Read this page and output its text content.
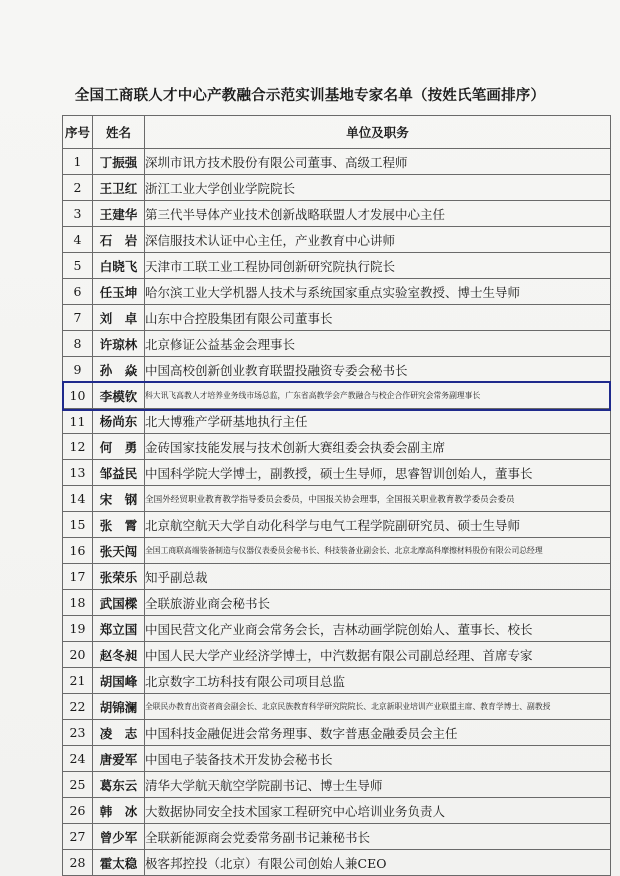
全国工商联人才中心产教融合示范实训基地专家名单（按姓氏笔画排序）
序号	姓名	单位及职务
1	丁振强	深圳市讯方技术股份有限公司董事、高级工程师
2	王卫红	浙江工业大学创业学院院长
3	王建华	第三代半导体产业技术创新战略联盟人才发展中心主任
4	石　岩	深信服技术认证中心主任，产业教育中心讲师
5	白晓飞	天津市工联工业工程协同创新研究院执行院长
6	任玉坤	哈尔滨工业大学机器人技术与系统国家重点实验室教授、博士生导师
7	刘　卓	山东中合控股集团有限公司董事长
8	许琼林	北京修证公益基金会理事长
9	孙　焱	中国高校创新创业教育联盟投融资专委会秘书长
10	李模钦	科大讯飞高教人才培养业务线市场总监，广东省高教学会产教融合与校企合作研究会常务副理事长
11	杨尚东	北大博雅产学研基地执行主任
12	何　勇	金砖国家技能发展与技术创新大赛组委会执委会副主席
13	邹益民	中国科学院大学博士，副教授，硕士生导师，思睿智训创始人，董事长
14	宋　钢	全国外经贸职业教育教学指导委员会委员，中国报关协会理事，全国报关职业教育教学委员会委员
15	张　霄	北京航空航天大学自动化科学与电气工程学院副研究员、硕士生导师
16	张天闯	全国工商联高端装备制造与仪器仪表委员会秘书长、科技装备业副会长、北京北摩高科摩擦材料股份有限公司总经理
17	张荣乐	知乎副总裁
18	武国樑	全联旅游业商会秘书长
19	郑立国	中国民营文化产业商会常务会长，吉林动画学院创始人、董事长、校长
20	赵冬昶	中国人民大学产业经济学博士，中汽数据有限公司副总经理、首席专家
21	胡国峰	北京数字工坊科技有限公司项目总监
22	胡锦澜	全联民办教育出资者商会副会长、北京民族教育科学研究院院长、北京新职业培训产业联盟主席、教育学博士、副教授
23	凌　志	中国科技金融促进会常务理事、数字普惠金融委员会主任
24	唐爱军	中国电子装备技术开发协会秘书长
25	葛东云	清华大学航天航空学院副书记、博士生导师
26	韩　冰	大数据协同安全技术国家工程研究中心培训业务负责人
27	曾少军	全联新能源商会党委常务副书记兼秘书长
28	霍太稳	极客邦控投（北京）有限公司创始人兼CEO
